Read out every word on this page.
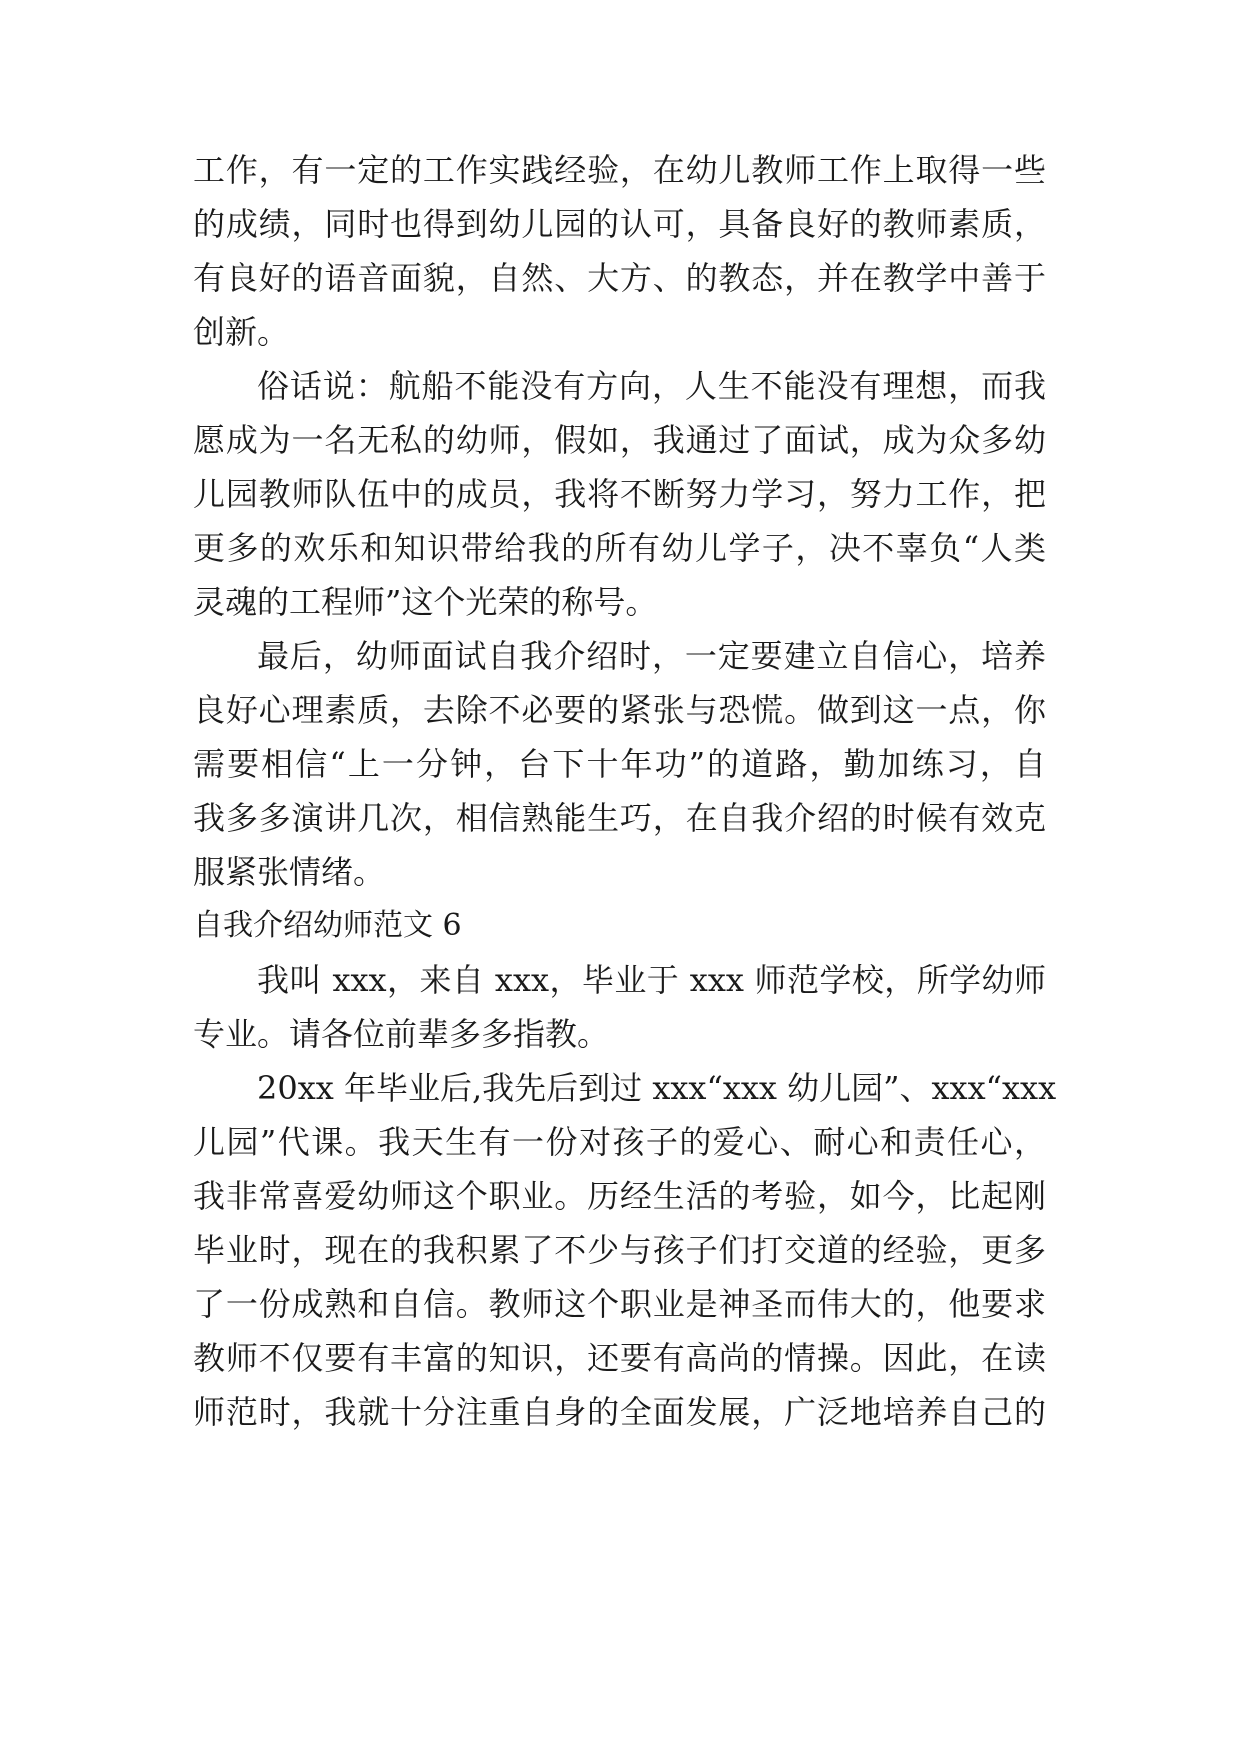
工作，有一定的工作实践经验，在幼儿教师工作上取得一些
的成绩，同时也得到幼儿园的认可，具备良好的教师素质，
有良好的语音面貌，自然、大方、的教态，并在教学中善于
创新。
俗话说：航船不能没有方向，人生不能没有理想，而我
愿成为一名无私的幼师，假如，我通过了面试，成为众多幼
儿园教师队伍中的成员，我将不断努力学习，努力工作，把
更多的欢乐和知识带给我的所有幼儿学子，决不辜负“人类
灵魂的工程师”这个光荣的称号。
最后，幼师面试自我介绍时，一定要建立自信心，培养
良好心理素质，去除不必要的紧张与恐慌。做到这一点，你
需要相信“上一分钟，台下十年功”的道路，勤加练习，自
我多多演讲几次，相信熟能生巧，在自我介绍的时候有效克
服紧张情绪。
自我介绍幼师范文 6
我叫 xxx，来自 xxx，毕业于 xxx 师范学校，所学幼师
专业。请各位前辈多多指教。
20xx 年毕业后,我先后到过 xxx“xxx 幼儿园”、xxx“xxx
儿园”代课。我天生有一份对孩子的爱心、耐心和责任心，
我非常喜爱幼师这个职业。历经生活的考验，如今，比起刚
毕业时，现在的我积累了不少与孩子们打交道的经验，更多
了一份成熟和自信。教师这个职业是神圣而伟大的，他要求
教师不仅要有丰富的知识，还要有高尚的情操。因此，在读
师范时，我就十分注重自身的全面发展，广泛地培养自己的
